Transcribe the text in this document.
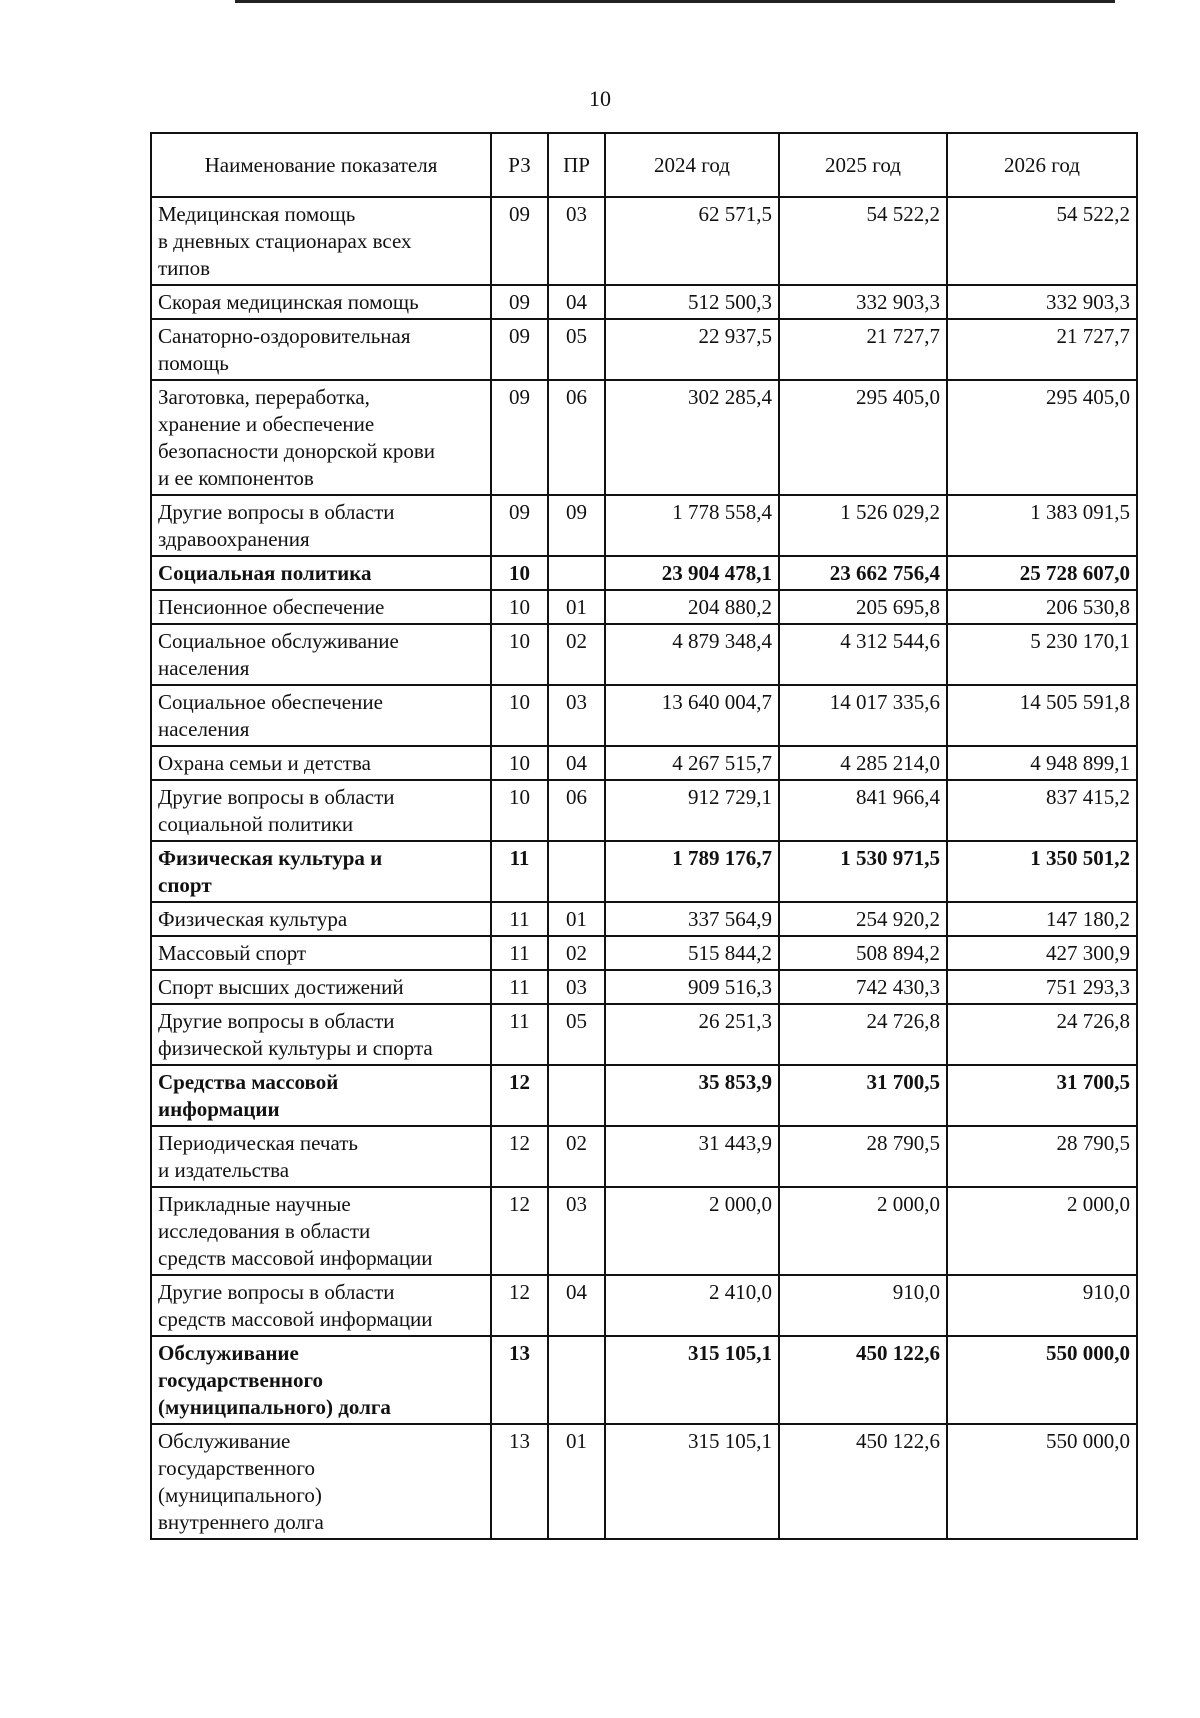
10
Наименование показателя	РЗ	ПР	2024 год	2025 год	2026 год
Медицинская помощь
в дневных стационарах всех
типов	09	03	62 571,5	54 522,2	54 522,2
Скорая медицинская помощь	09	04	512 500,3	332 903,3	332 903,3
Санаторно-оздоровительная
помощь	09	05	22 937,5	21 727,7	21 727,7
Заготовка, переработка,
хранение и обеспечение
безопасности донорской крови
и ее компонентов	09	06	302 285,4	295 405,0	295 405,0
Другие вопросы в области
здравоохранения	09	09	1 778 558,4	1 526 029,2	1 383 091,5
Социальная политика	10		23 904 478,1	23 662 756,4	25 728 607,0
Пенсионное обеспечение	10	01	204 880,2	205 695,8	206 530,8
Социальное обслуживание
населения	10	02	4 879 348,4	4 312 544,6	5 230 170,1
Социальное обеспечение
населения	10	03	13 640 004,7	14 017 335,6	14 505 591,8
Охрана семьи и детства	10	04	4 267 515,7	4 285 214,0	4 948 899,1
Другие вопросы в области
социальной политики	10	06	912 729,1	841 966,4	837 415,2
Физическая культура и
спорт	11		1 789 176,7	1 530 971,5	1 350 501,2
Физическая культура	11	01	337 564,9	254 920,2	147 180,2
Массовый спорт	11	02	515 844,2	508 894,2	427 300,9
Спорт высших достижений	11	03	909 516,3	742 430,3	751 293,3
Другие вопросы в области
физической культуры и спорта	11	05	26 251,3	24 726,8	24 726,8
Средства массовой
информации	12		35 853,9	31 700,5	31 700,5
Периодическая печать
и издательства	12	02	31 443,9	28 790,5	28 790,5
Прикладные научные
исследования в области
средств массовой информации	12	03	2 000,0	2 000,0	2 000,0
Другие вопросы в области
средств массовой информации	12	04	2 410,0	910,0	910,0
Обслуживание
государственного
(муниципального) долга	13		315 105,1	450 122,6	550 000,0
Обслуживание
государственного
(муниципального)
внутреннего долга	13	01	315 105,1	450 122,6	550 000,0
